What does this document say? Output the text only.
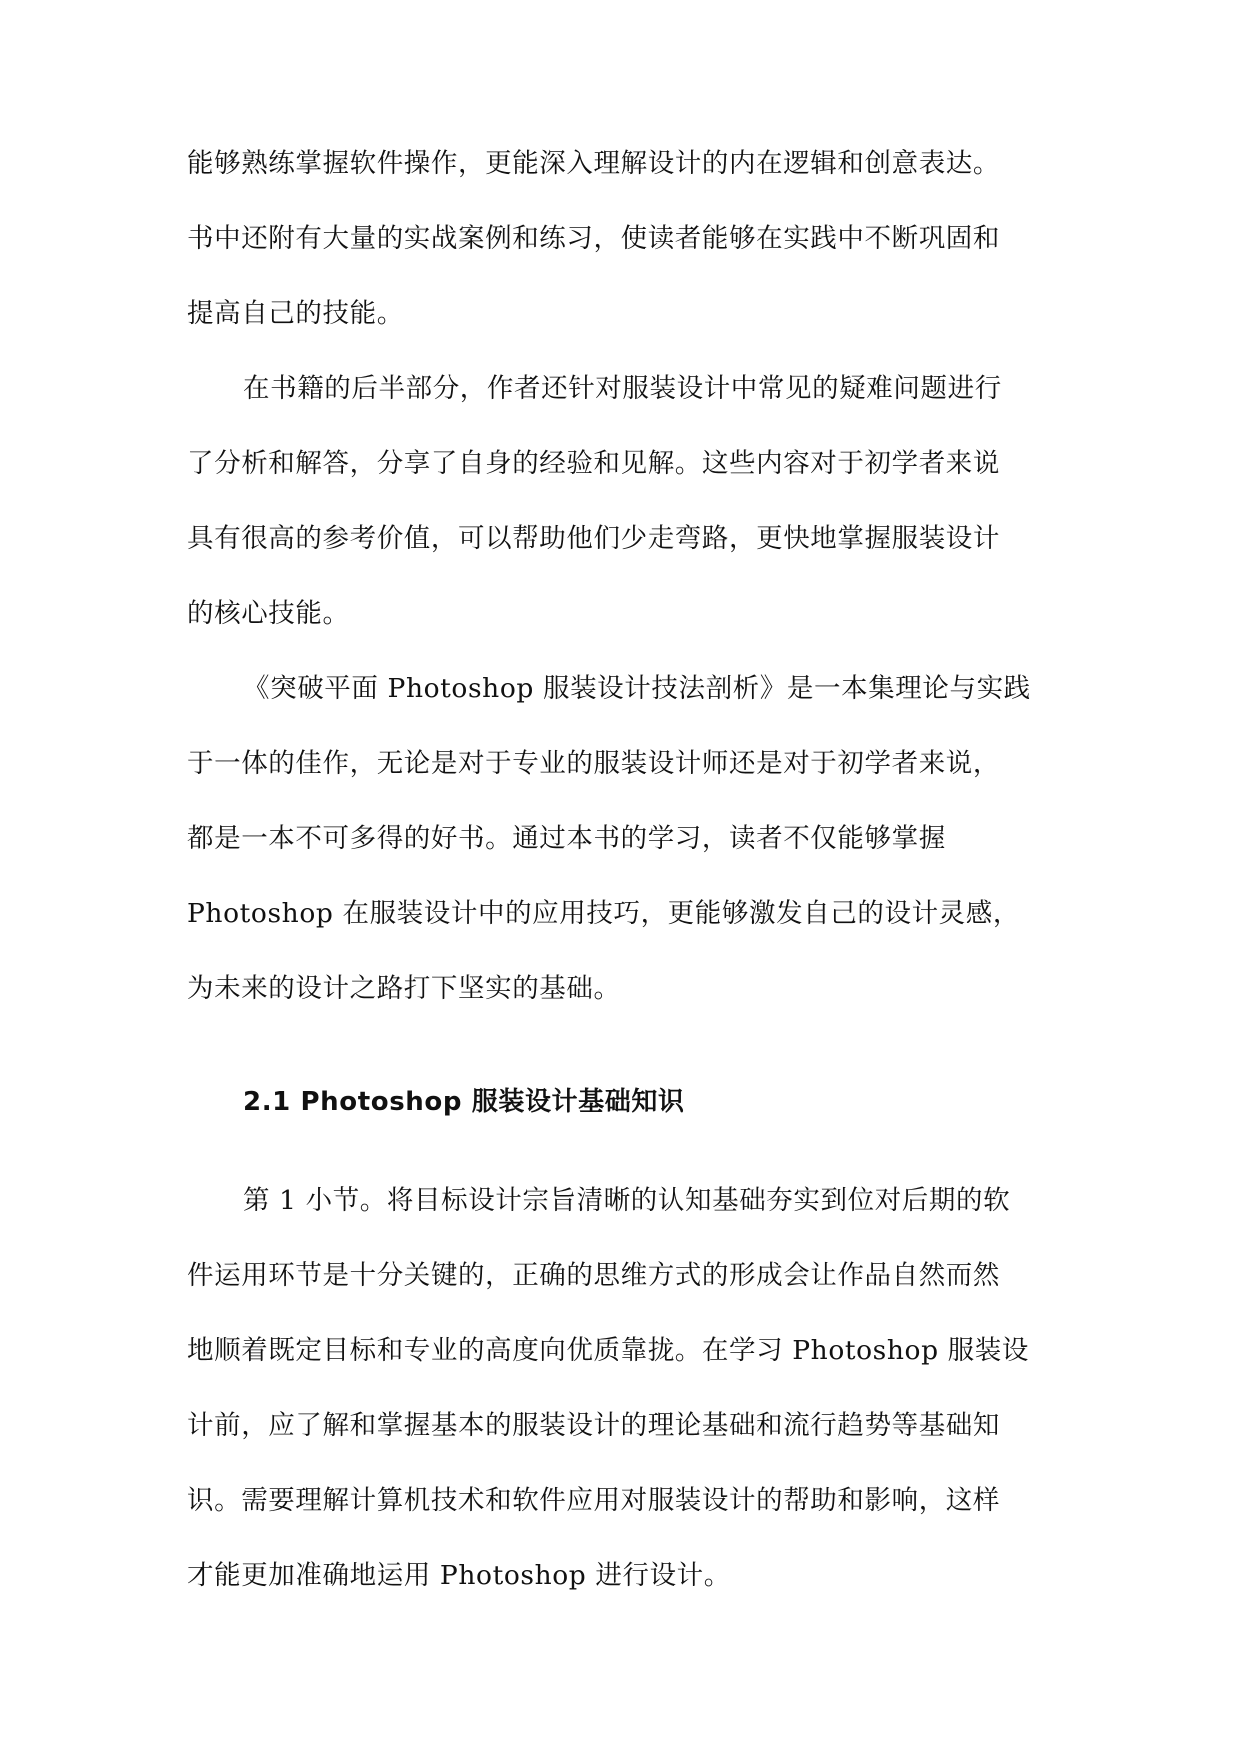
能够熟练掌握软件操作，更能深入理解设计的内在逻辑和创意表达。
书中还附有大量的实战案例和练习，使读者能够在实践中不断巩固和
提高自己的技能。
在书籍的后半部分，作者还针对服装设计中常见的疑难问题进行
了分析和解答，分享了自身的经验和见解。这些内容对于初学者来说
具有很高的参考价值，可以帮助他们少走弯路，更快地掌握服装设计
的核心技能。
《突破平面 Photoshop 服装设计技法剖析》是一本集理论与实践
于一体的佳作，无论是对于专业的服装设计师还是对于初学者来说，
都是一本不可多得的好书。通过本书的学习，读者不仅能够掌握
Photoshop 在服装设计中的应用技巧，更能够激发自己的设计灵感，
为未来的设计之路打下坚实的基础。
2.1 Photoshop 服装设计基础知识
第 1 小节。将目标设计宗旨清晰的认知基础夯实到位对后期的软
件运用环节是十分关键的，正确的思维方式的形成会让作品自然而然
地顺着既定目标和专业的高度向优质靠拢。在学习 Photoshop 服装设
计前，应了解和掌握基本的服装设计的理论基础和流行趋势等基础知
识。需要理解计算机技术和软件应用对服装设计的帮助和影响，这样
才能更加准确地运用 Photoshop 进行设计。
